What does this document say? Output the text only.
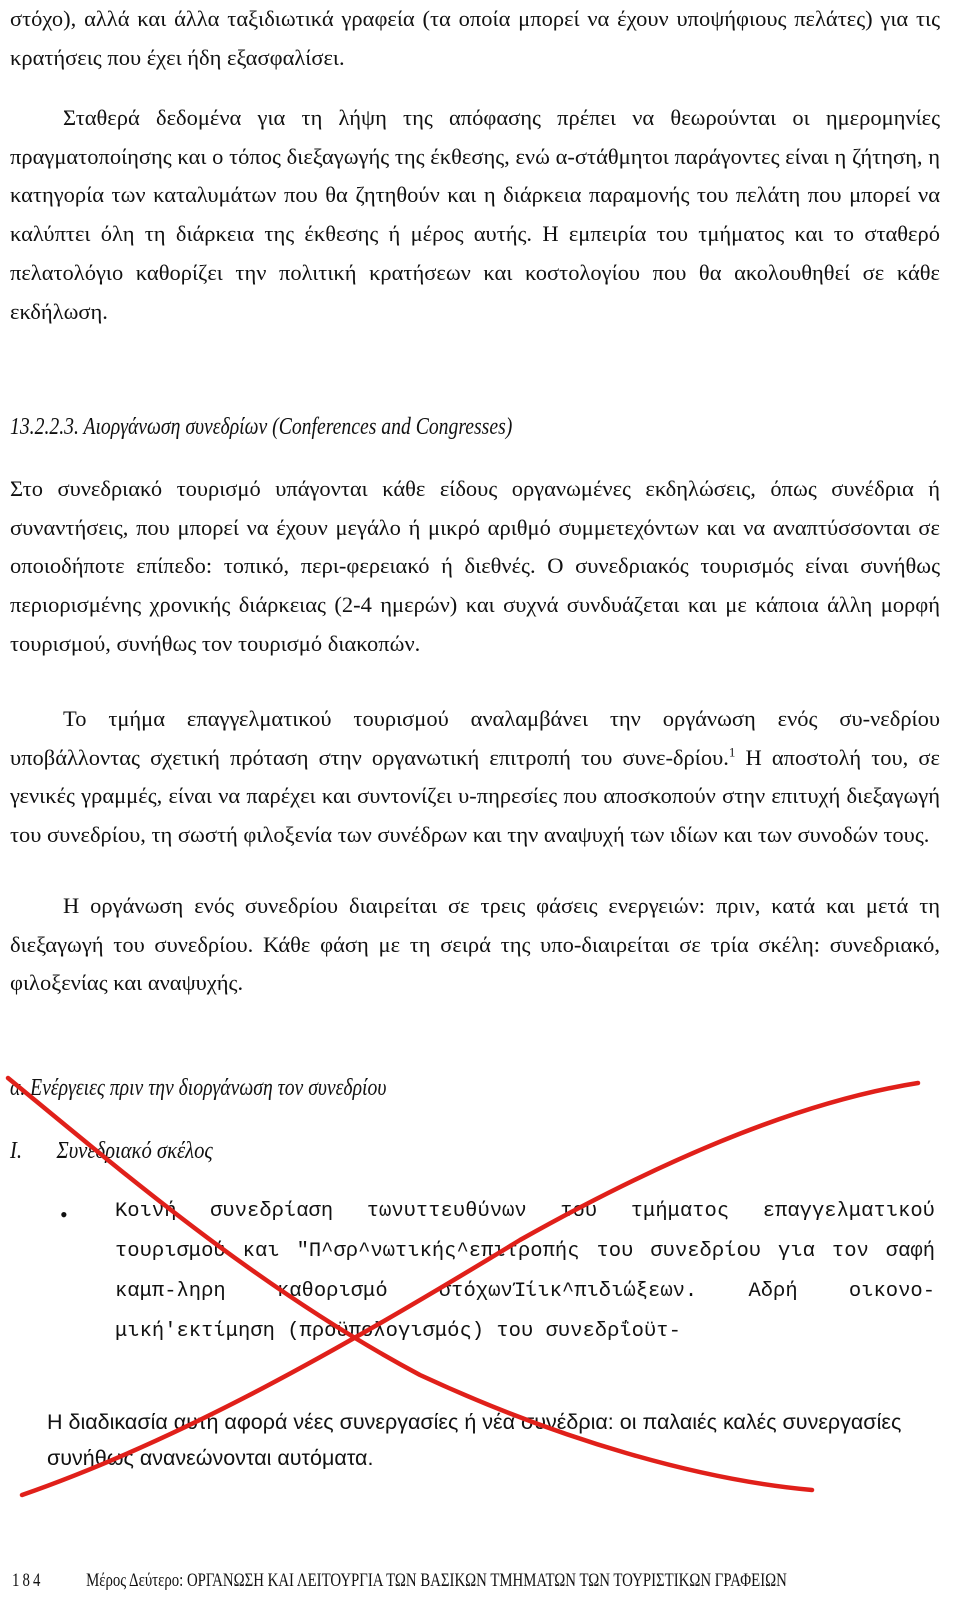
στόχο), αλλά και άλλα ταξιδιωτικά γραφεία (τα οποία μπορεί να έχουν υποψήφιους πελάτες) για τις κρατήσεις που έχει ήδη εξασφαλίσει.

Σταθερά δεδομένα για τη λήψη της απόφασης πρέπει να θεωρούνται οι ημερομηνίες πραγματοποίησης και ο τόπος διεξαγωγής της έκθεσης, ενώ α-στάθμητοι παράγοντες είναι η ζήτηση, η κατηγορία των καταλυμάτων που θα ζητηθούν και η διάρκεια παραμονής του πελάτη που μπορεί να καλύπτει όλη τη διάρκεια της έκθεσης ή μέρος αυτής. Η εμπειρία του τμήματος και το σταθερό πελατολόγιο καθορίζει την πολιτική κρατήσεων και κοστολογίου που θα ακολουθηθεί σε κάθε εκδήλωση.

13.2.2.3. Αιοργάνωση συνεδρίων (Conferences and Congresses)

Στο συνεδριακό τουρισμό υπάγονται κάθε είδους οργανωμένες εκδηλώσεις, όπως συνέδρια ή συναντήσεις, που μπορεί να έχουν μεγάλο ή μικρό αριθμό συμμετεχόντων και να αναπτύσσονται σε οποιοδήποτε επίπεδο: τοπικό, περι-φερειακό ή διεθνές. Ο συνεδριακός τουρισμός είναι συνήθως περιορισμένης χρονικής διάρκειας (2-4 ημερών) και συχνά συνδυάζεται και με κάποια άλλη μορφή τουρισμού, συνήθως τον τουρισμό διακοπών.

Το τμήμα επαγγελματικού τουρισμού αναλαμβάνει την οργάνωση ενός συ-νεδρίου υποβάλλοντας σχετική πρόταση στην οργανωτική επιτροπή του συνε-δρίου.$^1$ Η αποστολή του, σε γενικές γραμμές, είναι να παρέχει και συντονίζει υ-πηρεσίες που αποσκοπούν στην επιτυχή διεξαγωγή του συνεδρίου, τη σωστή φιλοξενία των συνέδρων και την αναψυχή των ιδίων και των συνοδών τους.

Η οργάνωση ενός συνεδρίου διαιρείται σε τρεις φάσεις ενεργειών: πριν, κατά και μετά τη διεξαγωγή του συνεδρίου. Κάθε φάση με τη σειρά της υπο-διαιρείται σε τρία σκέλη: συνεδριακό, φιλοξενίας και αναψυχής.

α. Ενέργειες πριν την διοργάνωση τον συνεδρίου

I. Συνεδριακό σκέλος

• Κοινή συνεδρίαση τωνυττευθύνων του τμήματος επαγγελματικού τουρισμού και "Π^σρ^νωτικής^επιτροπής του συνεδρίου για τον σαφή καμπ-ληρη καθορισμό στόχωνΊίικ^πιδιώξεων. Αδρή οικονο-μική'εκτίμηση (προϋπολογισμός) του συνεδρΐοϋτ-

Η διαδικασία αυτή αφορά νέες συνεργασίες ή νέα συνέδρια: οι παλαιές καλές συνεργασίες συνήθως ανανεώνονται αυτόματα.

184 Μέρος Δεύτερο: ΟΡΓΑΝΩΣΗ ΚΑΙ ΛΕΙΤΟΥΡΓΙΑ ΤΩΝ ΒΑΣΙΚΩΝ ΤΜΗΜΑΤΩΝ ΤΩΝ ΤΟΥΡΙΣΤΙΚΩΝ ΓΡΑΦΕΙΩΝ
